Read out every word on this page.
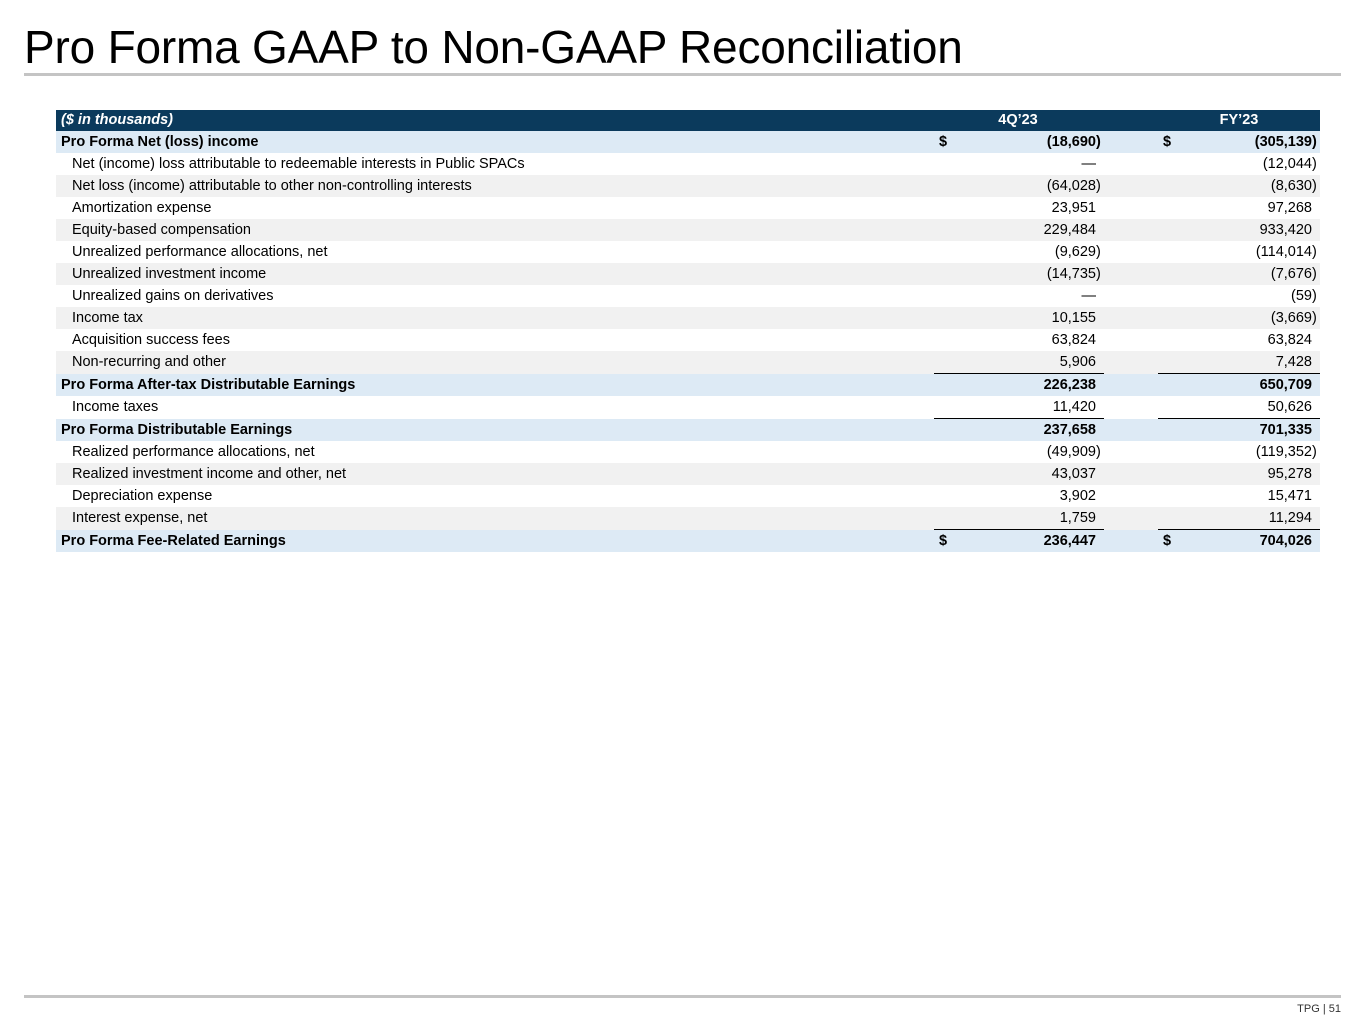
Pro Forma GAAP to Non-GAAP Reconciliation
($ in thousands)	4Q’23					FY’23		
Pro Forma Net (loss) income		$	(18,690	)		$	(305,139	)
Net (income) loss attributable to redeemable interests in Public SPACs			—				(12,044	)
Net loss (income) attributable to other non-controlling interests			(64,028	)			(8,630	)
Amortization expense			23,951				97,268	
Equity-based compensation			229,484				933,420	
Unrealized performance allocations, net			(9,629	)			(114,014	)
Unrealized investment income			(14,735	)			(7,676	)
Unrealized gains on derivatives			—				(59	)
Income tax			10,155				(3,669	)
Acquisition success fees			63,824				63,824	
Non-recurring and other			5,906				7,428	
Pro Forma After-tax Distributable Earnings			226,238				650,709	
Income taxes			11,420				50,626	
Pro Forma Distributable Earnings			237,658				701,335	
Realized performance allocations, net			(49,909	)			(119,352	)
Realized investment income and other, net			43,037				95,278	
Depreciation expense			3,902				15,471	
Interest expense, net			1,759				11,294	
Pro Forma Fee-Related Earnings		$	236,447			$	704,026	
TPG | 51
